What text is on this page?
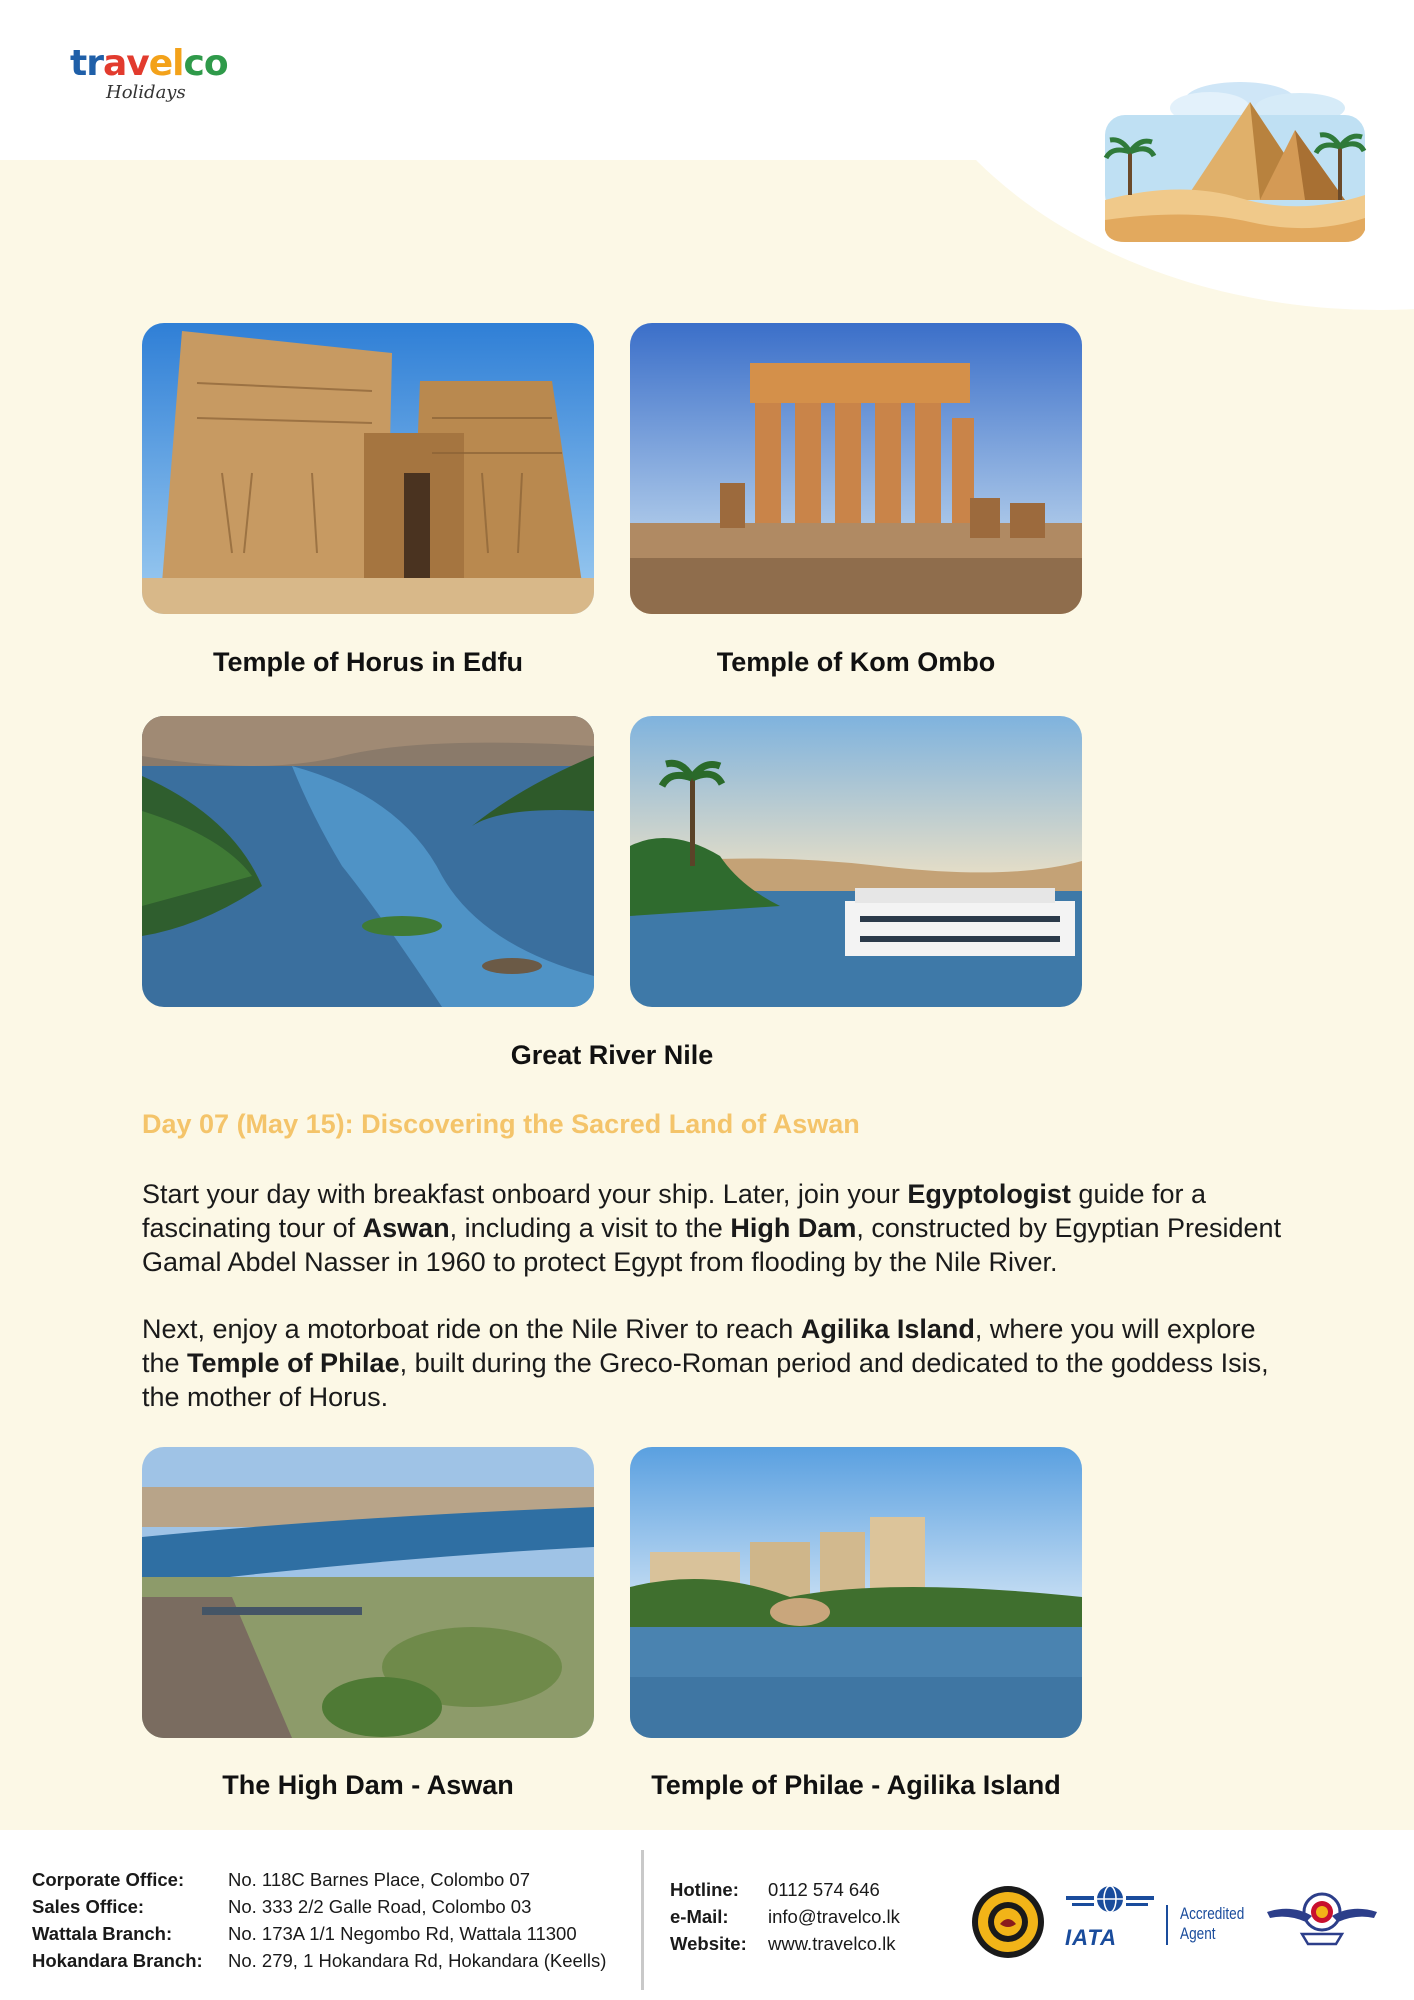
travelco
Holidays
Temple of Horus in Edfu	Temple of Kom Ombo
Great River Nile
Day 07 (May 15): Discovering the Sacred Land of Aswan
Start your day with breakfast onboard your ship. Later, join your Egyptologist guide for a fascinating tour of Aswan, including a visit to the High Dam, constructed by Egyptian President Gamal Abdel Nasser in 1960 to protect Egypt from flooding by the Nile River.
Next, enjoy a motorboat ride on the Nile River to reach Agilika Island, where you will explore the Temple of Philae, built during the Greco-Roman period and dedicated to the goddess Isis, the mother of Horus.
The High Dam - Aswan	Temple of Philae - Agilika Island
Corporate Office:	No. 118C Barnes Place, Colombo 07
Sales Office:	No. 333 2/2 Galle Road, Colombo 03
Wattala Branch:	No. 173A 1/1 Negombo Rd, Wattala 11300
Hokandara Branch:	No. 279, 1 Hokandara Rd, Hokandara (Keells)
Hotline:	0112 574 646
e-Mail:	info@travelco.lk
Website:	www.travelco.lk	IATA
Accredited
Agent
